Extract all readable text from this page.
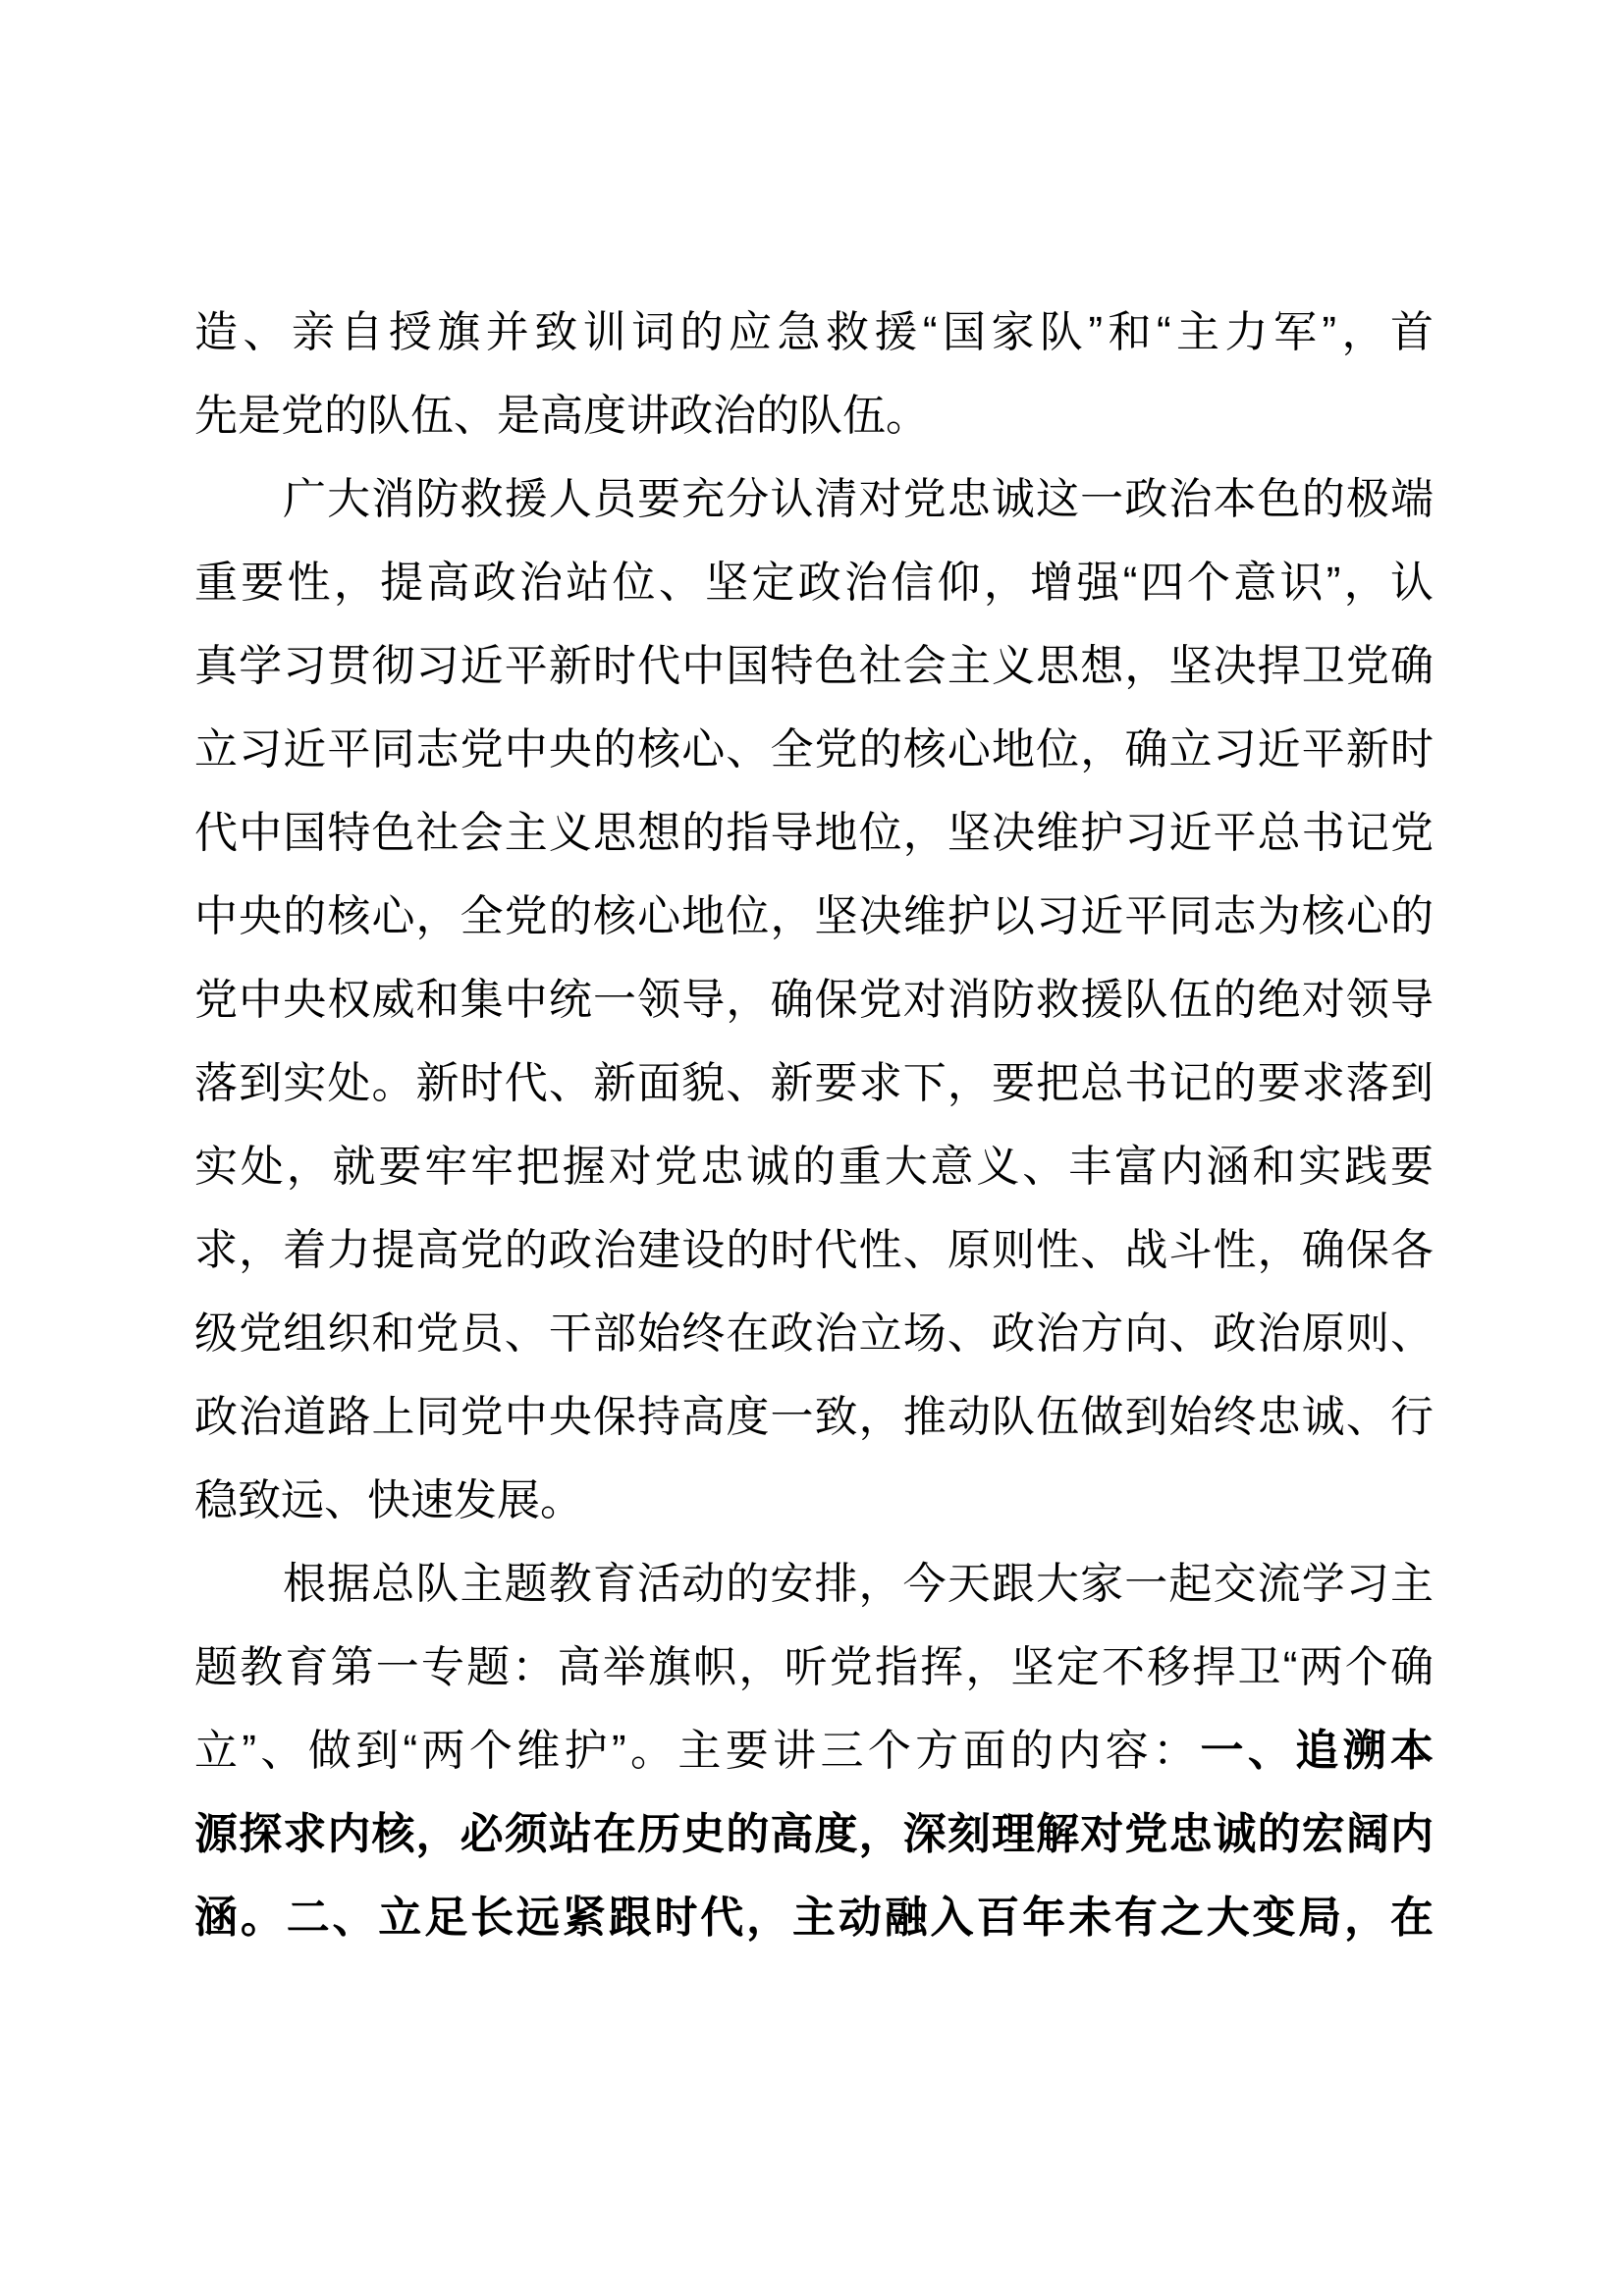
造、亲自授旗并致训词的应急救援“国家队”和“主力军”，首
先是党的队伍、是高度讲政治的队伍。
广大消防救援人员要充分认清对党忠诚这一政治本色的极端
重要性，提高政治站位、坚定政治信仰，增强“四个意识”，认
真学习贯彻习近平新时代中国特色社会主义思想，坚决捍卫党确
立习近平同志党中央的核心、全党的核心地位，确立习近平新时
代中国特色社会主义思想的指导地位，坚决维护习近平总书记党
中央的核心，全党的核心地位，坚决维护以习近平同志为核心的
党中央权威和集中统一领导，确保党对消防救援队伍的绝对领导
落到实处。新时代、新面貌、新要求下，要把总书记的要求落到
实处，就要牢牢把握对党忠诚的重大意义、丰富内涵和实践要
求，着力提高党的政治建设的时代性、原则性、战斗性，确保各
级党组织和党员、干部始终在政治立场、政治方向、政治原则、
政治道路上同党中央保持高度一致，推动队伍做到始终忠诚、行
稳致远、快速发展。
根据总队主题教育活动的安排，今天跟大家一起交流学习主
题教育第一专题：高举旗帜，听党指挥，坚定不移捍卫“两个确
立”、做到“两个维护”。主要讲三个方面的内容：一、追溯本
源探求内核，必须站在历史的高度，深刻理解对党忠诚的宏阔内
涵。二、立足长远紧跟时代，主动融入百年未有之大变局，在
